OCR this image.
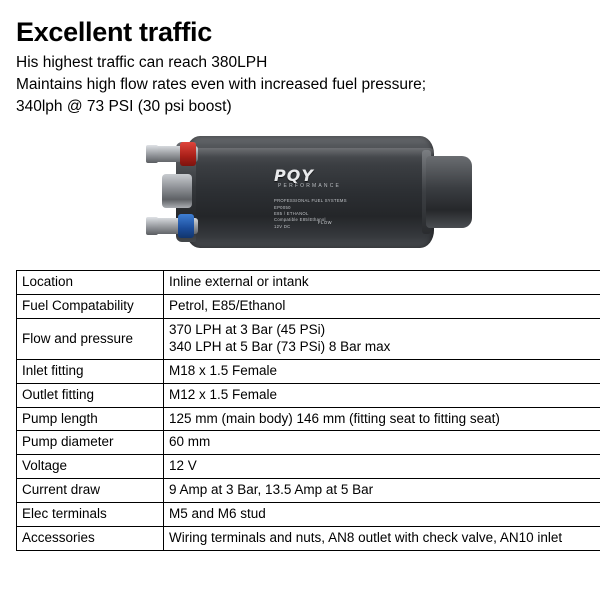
Excellent traffic
His highest traffic can reach 380LPH
Maintains high flow rates even with increased fuel pressure;
340lph @ 73 PSI (30 psi boost)
PQY
PERFORMANCE
PROFESSIONAL FUEL SYSTEMS
EP0050
E85 / ETHANOL
Compatible E85/Ethanol
12V DC
FLOW
Location	Inline external or intank

Fuel Compatability	Petrol, E85/Ethanol

Flow and pressure	370 LPH at 3 Bar (45 PSi)
340 LPH at 5 Bar (73 PSi) 8 Bar max

Inlet fitting	M18 x 1.5 Female

Outlet fitting	M12 x 1.5 Female

Pump length	125 mm (main body) 146 mm (fitting seat to fitting seat)

Pump diameter	60 mm

Voltage	12 V

Current draw	9 Amp at 3 Bar, 13.5 Amp at 5 Bar

Elec terminals	M5 and M6 stud

Accessories	Wiring terminals and nuts, AN8 outlet with check valve, AN10 inlet
